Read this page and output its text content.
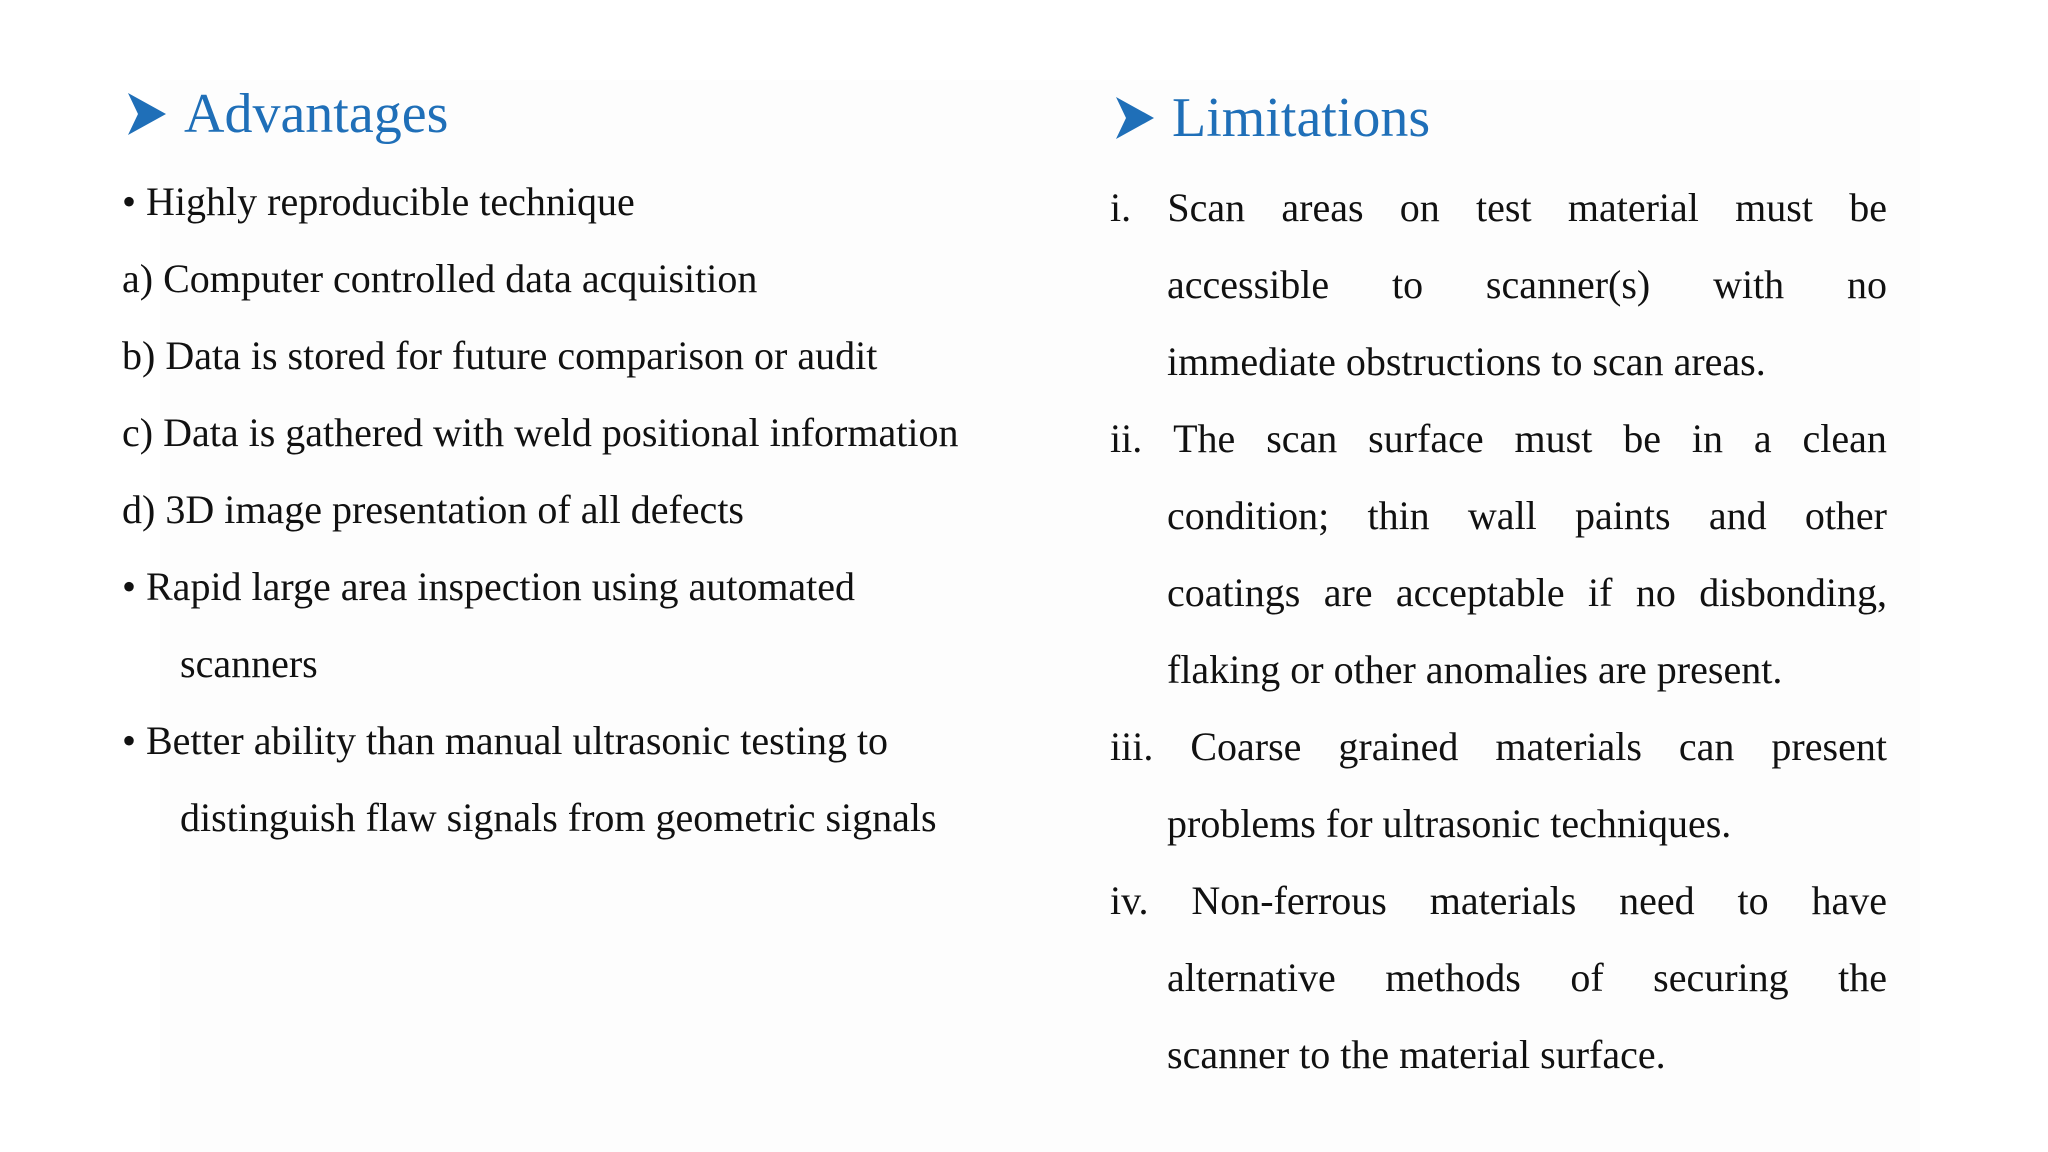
Advantages
• Highly reproducible technique
a) Computer controlled data acquisition
b) Data is stored for future comparison or audit
c) Data is gathered with weld positional information
d) 3D image presentation of all defects
• Rapid large area inspection using automated
scanners
• Better ability than manual ultrasonic testing to
distinguish flaw signals from geometric signals
Limitations
i. Scan areas on test material must be
accessible to scanner(s) with no
immediate obstructions to scan areas.
ii. The scan surface must be in a clean
condition; thin wall paints and other
coatings are acceptable if no disbonding,
flaking or other anomalies are present.
iii. Coarse grained materials can present
problems for ultrasonic techniques.
iv. Non-ferrous materials need to have
alternative methods of securing the
scanner to the material surface.
